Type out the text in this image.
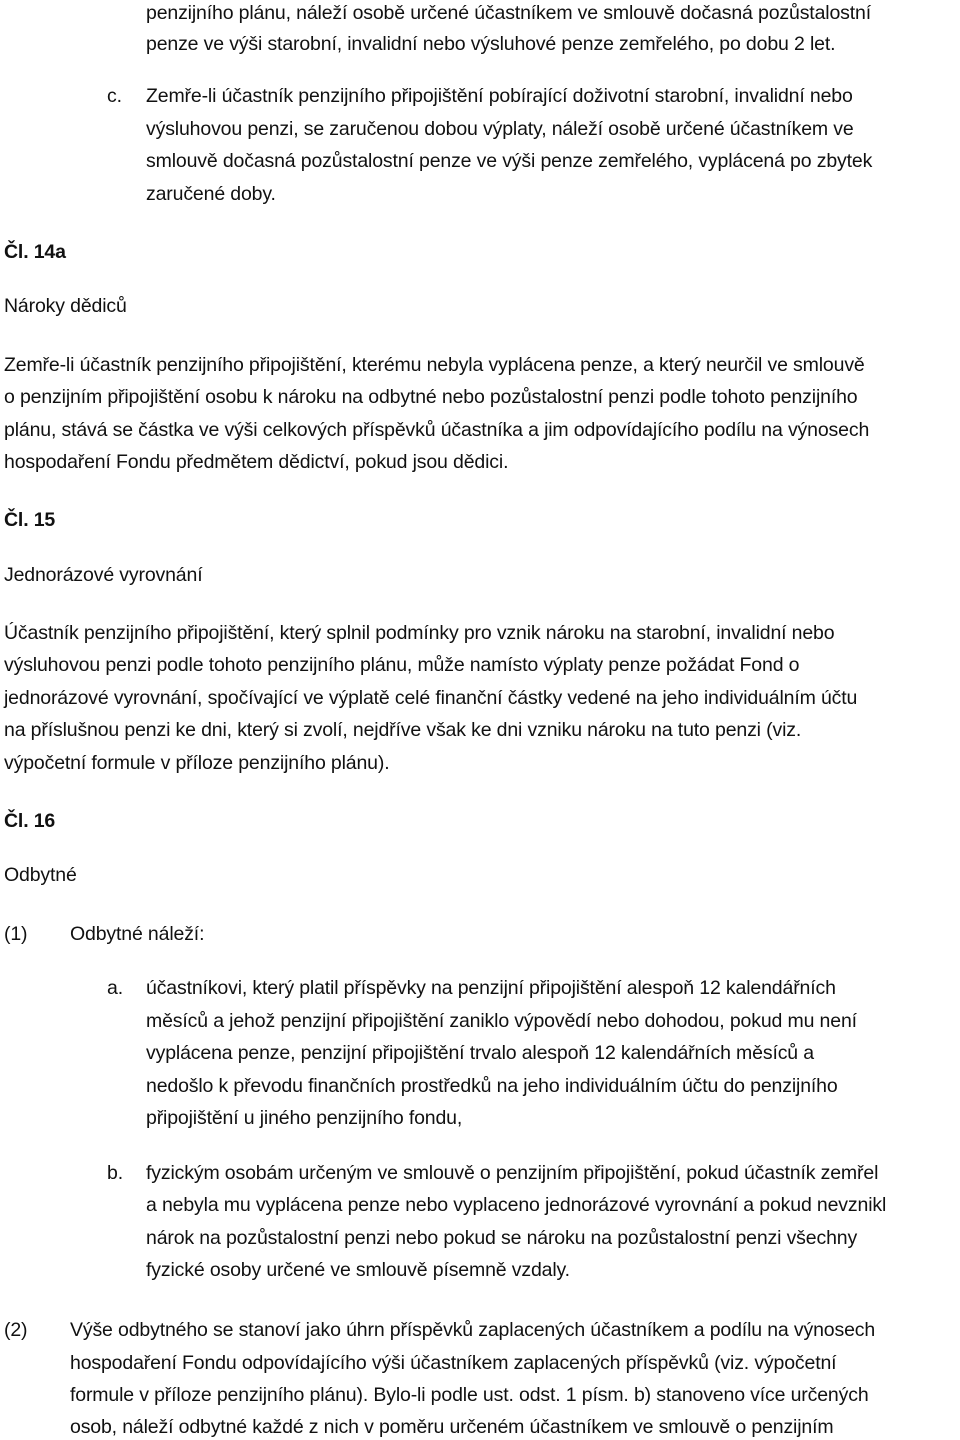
penzijního plánu, náleží osobě určené účastníkem ve smlouvě dočasná pozůstalostní
penze ve výši starobní, invalidní nebo výsluhové penze zemřelého, po dobu 2 let.
c. Zemře-li účastník penzijního připojištění pobírající doživotní starobní, invalidní nebo
výsluhovou penzi, se zaručenou dobou výplaty, náleží osobě určené účastníkem ve
smlouvě dočasná pozůstalostní penze ve výši penze zemřelého, vyplácená po zbytek
zaručené doby.
Čl. 14a
Nároky dědiců
Zemře-li účastník penzijního připojištění, kterému nebyla vyplácena penze, a který neurčil ve smlouvě
o penzijním připojištění osobu k nároku na odbytné nebo pozůstalostní penzi podle tohoto penzijního
plánu, stává se částka ve výši celkových příspěvků účastníka a jim odpovídajícího podílu na výnosech
hospodaření Fondu předmětem dědictví, pokud jsou dědici.
Čl. 15
Jednorázové vyrovnání
Účastník penzijního připojištění, který splnil podmínky pro vznik nároku na starobní, invalidní nebo
výsluhovou penzi podle tohoto penzijního plánu, může namísto výplaty penze požádat Fond o
jednorázové vyrovnání, spočívající ve výplatě celé finanční částky vedené na jeho individuálním účtu
na příslušnou penzi ke dni, který si zvolí, nejdříve však ke dni vzniku nároku na tuto penzi (viz.
výpočetní formule v příloze penzijního plánu).
Čl. 16
Odbytné
(1) Odbytné náleží:
a. účastníkovi, který platil příspěvky na penzijní připojištění alespoň 12 kalendářních
měsíců a jehož penzijní připojištění zaniklo výpovědí nebo dohodou, pokud mu není
vyplácena penze, penzijní připojištění trvalo alespoň 12 kalendářních měsíců a
nedošlo k převodu finančních prostředků na jeho individuálním účtu do penzijního
připojištění u jiného penzijního fondu,
b. fyzickým osobám určeným ve smlouvě o penzijním připojištění, pokud účastník zemřel
a nebyla mu vyplácena penze nebo vyplaceno jednorázové vyrovnání a pokud nevznikl
nárok na pozůstalostní penzi nebo pokud se nároku na pozůstalostní penzi všechny
fyzické osoby určené ve smlouvě písemně vzdaly.
(2) Výše odbytného se stanoví jako úhrn příspěvků zaplacených účastníkem a podílu na výnosech
hospodaření Fondu odpovídajícího výši účastníkem zaplacených příspěvků (viz. výpočetní
formule v příloze penzijního plánu). Bylo-li podle ust. odst. 1 písm. b) stanoveno více určených
osob, náleží odbytné každé z nich v poměru určeném účastníkem ve smlouvě o penzijním
